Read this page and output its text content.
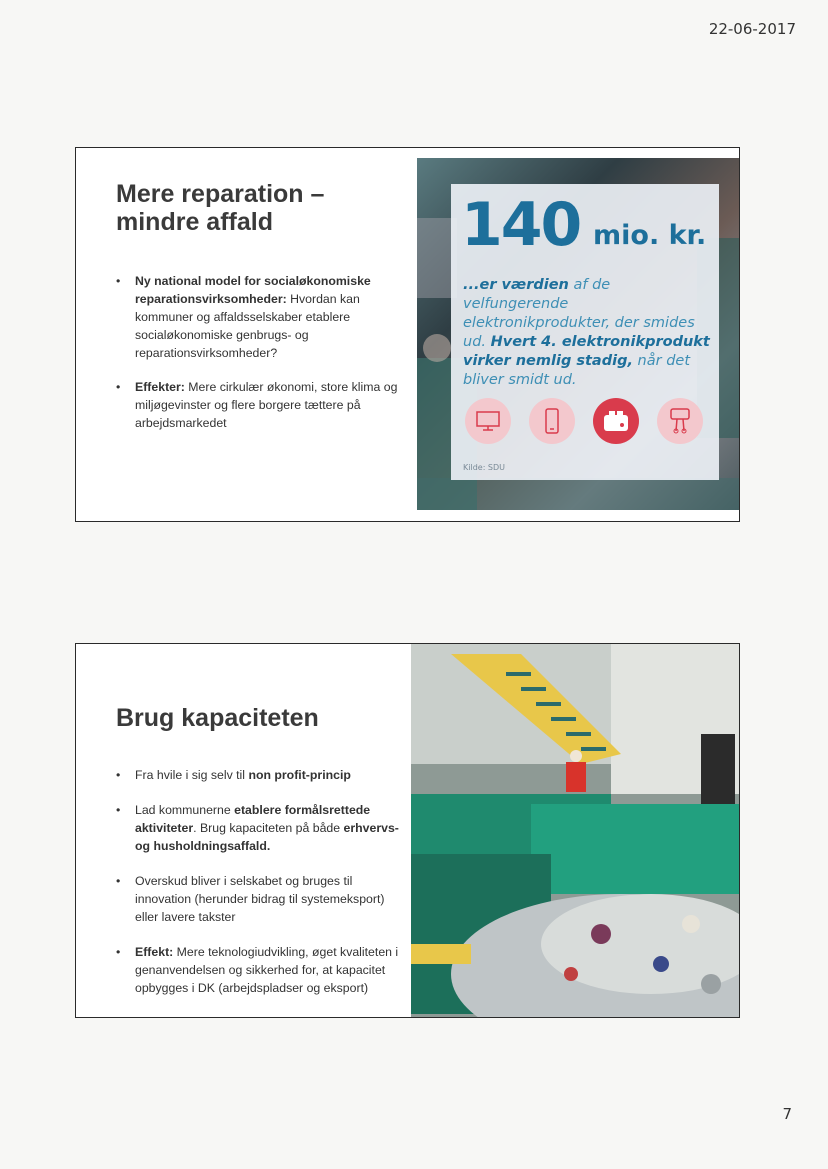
22-06-2017
Mere reparation – mindre affald
• Ny national model for socialøkonomiske reparationsvirksomheder: Hvordan kan kommuner og affaldsselskaber etablere socialøkonomiske genbrugs- og reparationsvirksomheder?
• Effekter: Mere cirkulær økonomi, store klima og miljøgevinster og flere borgere tættere på arbejdsmarkedet
140 mio. kr.
...er værdien af de velfungerende elektronikprodukter, der smides ud. Hvert 4. elektronikprodukt virker nemlig stadig, når det bliver smidt ud.
Kilde: SDU
Brug kapaciteten
• Fra hvile i sig selv til non profit-princip
• Lad kommunerne etablere formålsrettede aktiviteter. Brug kapaciteten på både erhvervs- og husholdningsaffald.
• Overskud bliver i selskabet og bruges til innovation (herunder bidrag til systemeksport) eller lavere takster
• Effekt: Mere teknologiudvikling, øget kvaliteten i genanvendelsen og sikkerhed for, at kapacitet opbygges i DK (arbejdspladser og eksport)
7
